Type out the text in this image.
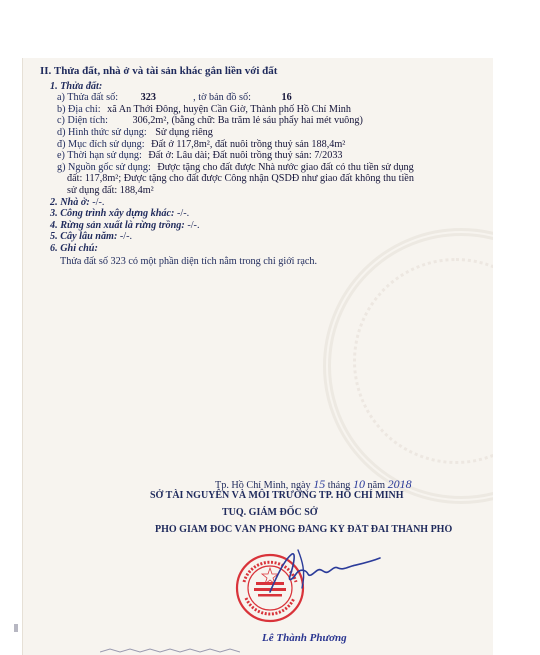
II. Thửa đất, nhà ở và tài sản khác gắn liền với đất
1. Thửa đất:
a) Thửa đất số: 323	, tờ bản đồ số:	16
b) Địa chỉ: xã An Thới Đông, huyện Cần Giờ, Thành phố Hồ Chí Minh
c) Diện tích: 306,2m², (bằng chữ: Ba trăm lẻ sáu phẩy hai mét vuông)
d) Hình thức sử dụng: Sử dụng riêng
đ) Mục đích sử dụng: Đất ở 117,8m², đất nuôi trồng thuỷ sản 188,4m²
e) Thời hạn sử dụng: Đất ở: Lâu dài; Đất nuôi trồng thuỷ sản: 7/2033
g) Nguồn gốc sử dụng: Được tặng cho đất được Nhà nước giao đất có thu tiền sử dụng
đất: 117,8m²; Được tặng cho đất được Công nhận QSDĐ như giao đất không thu tiền
sử dụng đất: 188,4m²
2. Nhà ở: -/-.
3. Công trình xây dựng khác: -/-.
4. Rừng sản xuất là rừng trồng: -/-.
5. Cây lâu năm: -/-.
6. Ghi chú:
Thửa đất số 323 có một phần diện tích nằm trong chỉ giới rạch.
Tp. Hồ Chí Minh, ngày 15 tháng 10 năm 2018
SỞ TÀI NGUYÊN VÀ MÔI TRƯỜNG TP. HỒ CHÍ MINH
TUQ. GIÁM ĐỐC SỞ
PHÓ GIÁM ĐỐC VĂN PHÒNG ĐĂNG KÝ ĐẤT ĐAI THÀNH PHỐ
Lê Thành Phương
